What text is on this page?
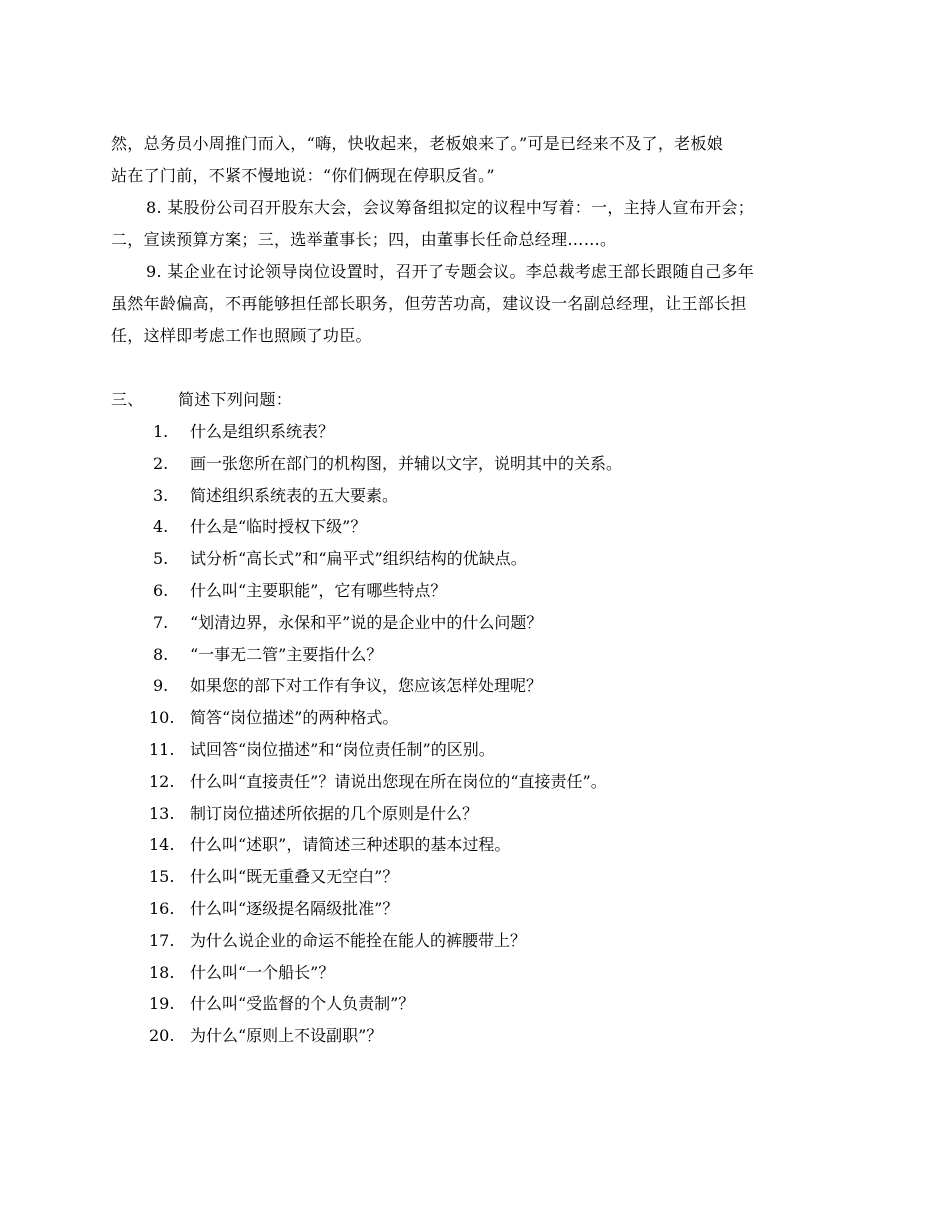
然，总务员小周推门而入，“嗨，快收起来，老板娘来了。”可是已经来不及了，老板娘
站在了门前，不紧不慢地说：“你们俩现在停职反省。”
8. 某股份公司召开股东大会，会议筹备组拟定的议程中写着：一，主持人宣布开会；
二，宣读预算方案；三，选举董事长；四，由董事长任命总经理……。
9. 某企业在讨论领导岗位设置时，召开了专题会议。李总裁考虑王部长跟随自己多年
虽然年龄偏高，不再能够担任部长职务，但劳苦功高，建议设一名副总经理，让王部长担
任，这样即考虑工作也照顾了功臣。
三、 简述下列问题：
1.	什么是组织系统表？
2.	画一张您所在部门的机构图，并辅以文字，说明其中的关系。
3.	简述组织系统表的五大要素。
4.	什么是“临时授权下级”？
5.	试分析“高长式”和“扁平式”组织结构的优缺点。
6.	什么叫“主要职能”，它有哪些特点？
7.	“划清边界，永保和平”说的是企业中的什么问题？
8.	“一事无二管”主要指什么？
9.	如果您的部下对工作有争议，您应该怎样处理呢？
10. 简答“岗位描述”的两种格式。
11. 试回答“岗位描述”和“岗位责任制”的区别。
12. 什么叫“直接责任”？请说出您现在所在岗位的“直接责任”。
13. 制订岗位描述所依据的几个原则是什么？
14. 什么叫“述职”，请简述三种述职的基本过程。
15. 什么叫“既无重叠又无空白”？
16. 什么叫“逐级提名隔级批准”？
17. 为什么说企业的命运不能拴在能人的裤腰带上？
18. 什么叫“一个船长”？
19. 什么叫“受监督的个人负责制”？
20. 为什么“原则上不设副职”？
